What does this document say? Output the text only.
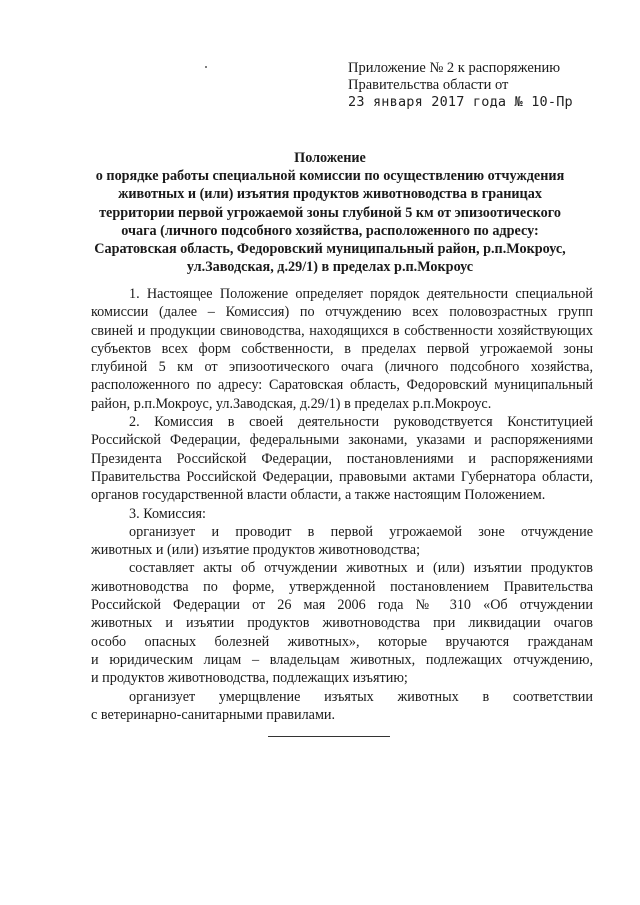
Приложение № 2 к распоряжению
Правительства области от
23 января 2017 года № 10-Пр
Положение
о порядке работы специальной комиссии по осуществлению отчуждения
животных и (или) изъятия продуктов животноводства в границах
территории первой угрожаемой зоны глубиной 5 км от эпизоотического
очага (личного подсобного хозяйства, расположенного по адресу:
Саратовская область, Федоровский муниципальный район, р.п.Мокроус,
ул.Заводская, д.29/1) в пределах р.п.Мокроус
1. Настоящее Положение определяет порядок деятельности специальной
комиссии (далее – Комиссия) по отчуждению всех половозрастных групп
свиней и продукции свиноводства, находящихся в собственности хозяйствующих
субъектов всех форм собственности, в пределах первой угрожаемой зоны
глубиной 5 км от эпизоотического очага (личного подсобного хозяйства,
расположенного по адресу: Саратовская область, Федоровский муниципальный
район, р.п.Мокроус, ул.Заводская, д.29/1) в пределах р.п.Мокроус.
2. Комиссия в своей деятельности руководствуется Конституцией
Российской Федерации, федеральными законами, указами и распоряжениями
Президента Российской Федерации, постановлениями и распоряжениями
Правительства Российской Федерации, правовыми актами Губернатора области,
органов государственной власти области, а также настоящим Положением.
3. Комиссия:
организует и проводит в первой угрожаемой зоне отчуждение
животных и (или) изъятие продуктов животноводства;
составляет акты об отчуждении животных и (или) изъятии продуктов
животноводства по форме, утвержденной постановлением Правительства
Российской Федерации от 26 мая 2006 года № 310 «Об отчуждении
животных и изъятии продуктов животноводства при ликвидации очагов
особо опасных болезней животных», которые вручаются гражданам
и юридическим лицам – владельцам животных, подлежащих отчуждению,
и продуктов животноводства, подлежащих изъятию;
организует умерщвление изъятых животных в соответствии
с ветеринарно-санитарными правилами.
